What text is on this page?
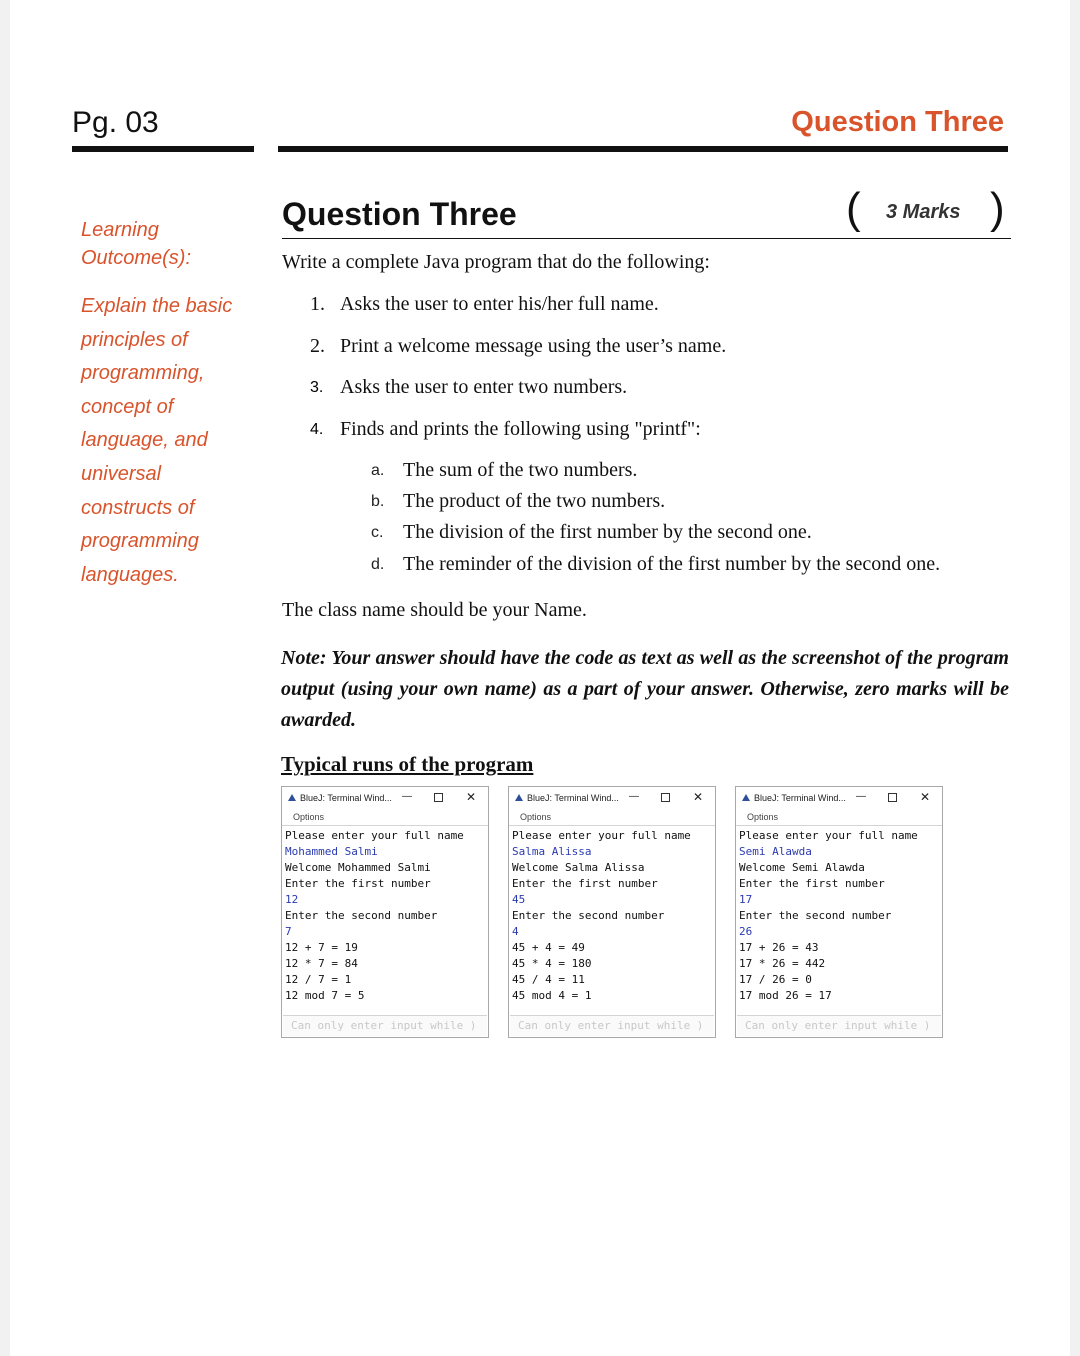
Pg. 03	Question Three
Learning
Outcome(s):
Explain the basic
principles of
programming,
concept of
language, and
universal
constructs of
programming
languages.
Question Three	( 3 Marks )
Write a complete Java program that do the following:
1. Asks the user to enter his/her full name.
2. Print a welcome message using the user’s name.
3. Asks the user to enter two numbers.
4. Finds and prints the following using "printf":
a. The sum of the two numbers.
b. The product of the two numbers.
c. The division of the first number by the second one.
d. The reminder of the division of the first number by the second one.
The class name should be your Name.
Note: Your answer should have the code as text as well as the screenshot of the program output (using your own name) as a part of your answer. Otherwise, zero marks will be awarded.
Typical runs of the program
BlueJ: Terminal Wind... —	✕
Options
Please enter your full name
Mohammed Salmi
Welcome Mohammed Salmi
Enter the first number
12
Enter the second number
7
12 + 7 = 19
12 * 7 = 84
12 / 7 = 1
12 mod 7 = 5
Can only enter input while )
BlueJ: Terminal Wind... —	✕
Options
Please enter your full name
Salma Alissa
Welcome Salma Alissa
Enter the first number
45
Enter the second number
4
45 + 4 = 49
45 * 4 = 180
45 / 4 = 11
45 mod 4 = 1
Can only enter input while )
BlueJ: Terminal Wind... —	✕
Options
Please enter your full name
Semi Alawda
Welcome Semi Alawda
Enter the first number
17
Enter the second number
26
17 + 26 = 43
17 * 26 = 442
17 / 26 = 0
17 mod 26 = 17
Can only enter input while )
